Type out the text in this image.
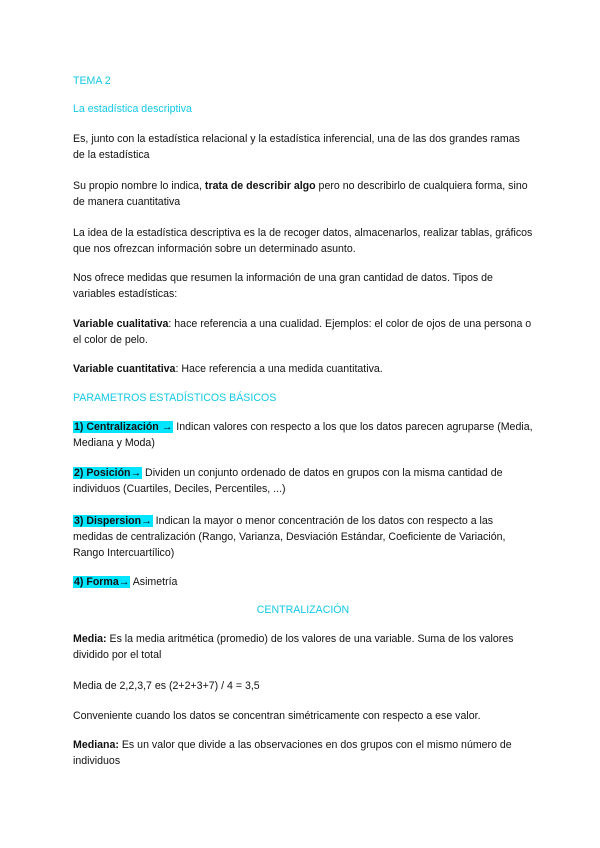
TEMA 2

La estadística descriptiva

Es, junto con la estadística relacional y la estadística inferencial, una de las dos grandes ramas de la estadística

Su propio nombre lo indica, trata de describir algo pero no describirlo de cualquiera forma, sino de manera cuantitativa

La idea de la estadística descriptiva es la de recoger datos, almacenarlos, realizar tablas, gráficos que nos ofrezcan información sobre un determinado asunto.

Nos ofrece medidas que resumen la información de una gran cantidad de datos. Tipos de variables estadísticas:

Variable cualitativa: hace referencia a una cualidad. Ejemplos: el color de ojos de una persona o el color de pelo.

Variable cuantitativa: Hace referencia a una medida cuantitativa.

PARAMETROS ESTADÍSTICOS BÁSICOS

1) Centralización → Indican valores con respecto a los que los datos parecen agruparse (Media, Mediana y Moda)

2) Posición→ Dividen un conjunto ordenado de datos en grupos con la misma cantidad de individuos (Cuartiles, Deciles, Percentiles, ...)

3) Dispersion→ Indican la mayor o menor concentración de los datos con respecto a las medidas de centralización (Rango, Varianza, Desviación Estándar, Coeficiente de Variación, Rango Intercuartílico)

4) Forma→ Asimetría

CENTRALIZACIÓN

Media: Es la media aritmética (promedio) de los valores de una variable. Suma de los valores dividido por el total

Media de 2,2,3,7 es (2+2+3+7) / 4 = 3,5

Conveniente cuando los datos se concentran simétricamente con respecto a ese valor.

Mediana: Es un valor que divide a las observaciones en dos grupos con el mismo número de individuos
